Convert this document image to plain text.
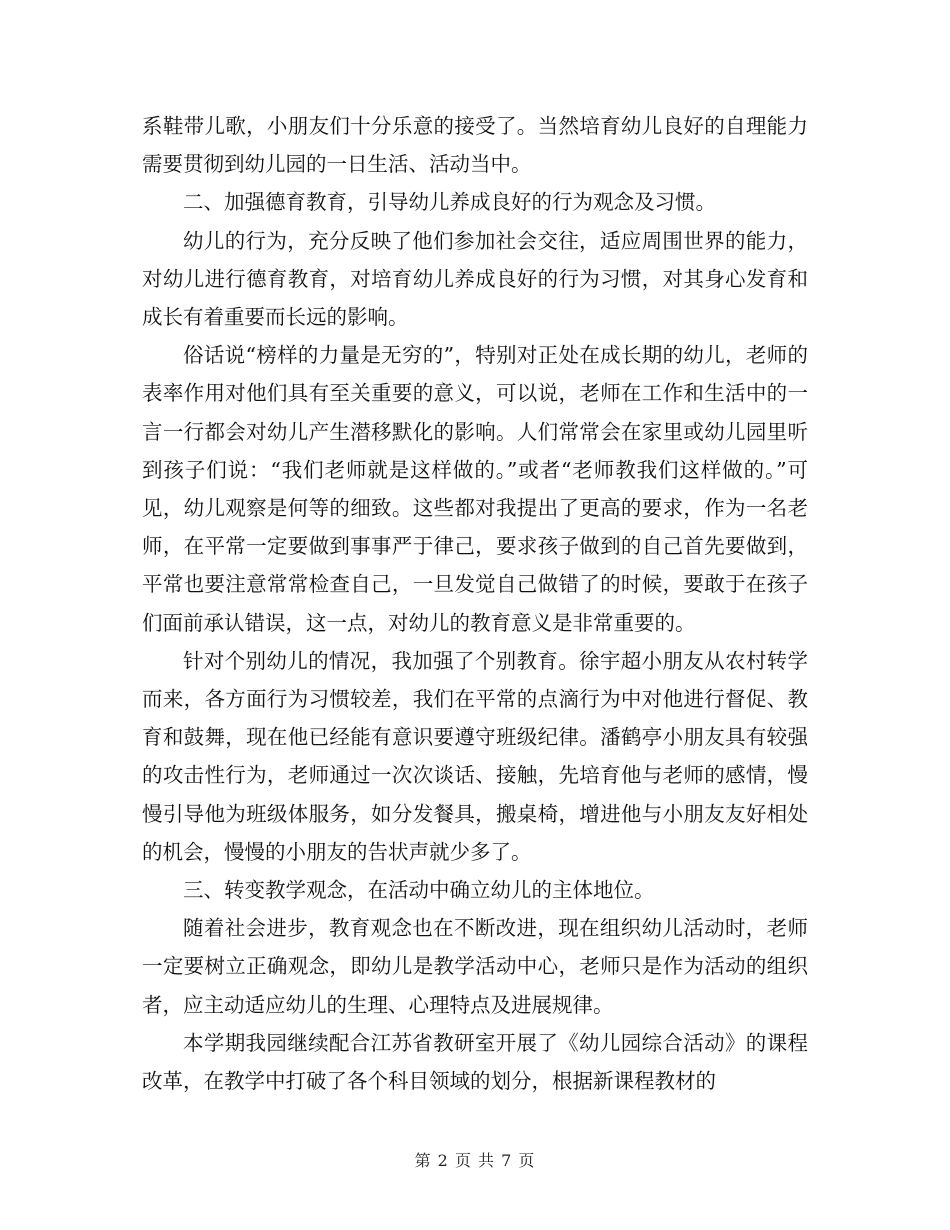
系鞋带儿歌，小朋友们十分乐意的接受了。当然培育幼儿良好的自理能力需要贯彻到幼儿园的一日生活、活动当中。

二、加强德育教育，引导幼儿养成良好的行为观念及习惯。

幼儿的行为，充分反映了他们参加社会交往，适应周围世界的能力，对幼儿进行德育教育，对培育幼儿养成良好的行为习惯，对其身心发育和成长有着重要而长远的影响。

俗话说“榜样的力量是无穷的”，特别对正处在成长期的幼儿，老师的表率作用对他们具有至关重要的意义，可以说，老师在工作和生活中的一言一行都会对幼儿产生潜移默化的影响。人们常常会在家里或幼儿园里听到孩子们说：“我们老师就是这样做的。”或者“老师教我们这样做的。”可见，幼儿观察是何等的细致。这些都对我提出了更高的要求，作为一名老师，在平常一定要做到事事严于律己，要求孩子做到的自己首先要做到，平常也要注意常常检查自己，一旦发觉自己做错了的时候，要敢于在孩子们面前承认错误，这一点，对幼儿的教育意义是非常重要的。

针对个别幼儿的情况，我加强了个别教育。徐宇超小朋友从农村转学而来，各方面行为习惯较差，我们在平常的点滴行为中对他进行督促、教育和鼓舞，现在他已经能有意识要遵守班级纪律。潘鹤亭小朋友具有较强的攻击性行为，老师通过一次次谈话、接触，先培育他与老师的感情，慢慢引导他为班级体服务，如分发餐具，搬桌椅，增进他与小朋友友好相处的机会，慢慢的小朋友的告状声就少多了。

三、转变教学观念，在活动中确立幼儿的主体地位。

随着社会进步，教育观念也在不断改进，现在组织幼儿活动时，老师一定要树立正确观念，即幼儿是教学活动中心，老师只是作为活动的组织者，应主动适应幼儿的生理、心理特点及进展规律。

本学期我园继续配合江苏省教研室开展了《幼儿园综合活动》的课程改革，在教学中打破了各个科目领域的划分，根据新课程教材的

第 2 页 共 7 页
